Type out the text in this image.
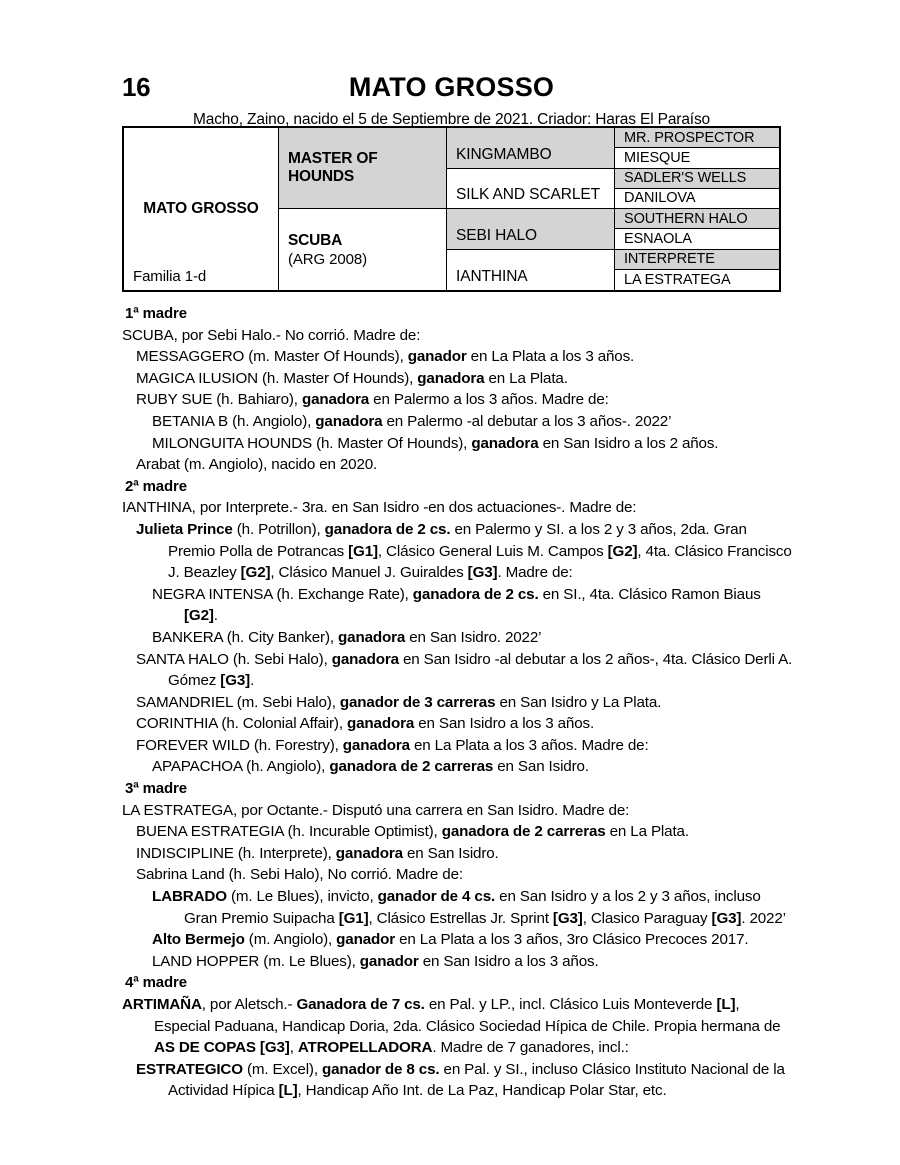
16	MATO GROSSO
Macho, Zaino, nacido el 5 de Septiembre de 2021. Criador: Haras El Paraíso
MATO GROSSO
Familia 1-d
MASTER OF HOUNDS
SCUBA
(ARG 2008)
KINGMAMBO
SILK AND SCARLET
SEBI HALO
IANTHINA
MR. PROSPECTOR
MIESQUE
SADLER'S WELLS
DANILOVA
SOUTHERN HALO
ESNAOLA
INTERPRETE
LA ESTRATEGA
1ª madre
SCUBA, por Sebi Halo.- No corrió. Madre de:
MESSAGGERO (m. Master Of Hounds), ganador en La Plata a los 3 años.
MAGICA ILUSION (h. Master Of Hounds), ganadora en La Plata.
RUBY SUE (h. Bahiaro), ganadora en Palermo a los 3 años. Madre de:
BETANIA B (h. Angiolo), ganadora en Palermo -al debutar a los 3 años-. 2022’
MILONGUITA HOUNDS (h. Master Of Hounds), ganadora en San Isidro a los 2 años.
Arabat (m. Angiolo), nacido en 2020.
2ª madre
IANTHINA, por Interprete.- 3ra. en San Isidro -en dos actuaciones-. Madre de:
Julieta Prince (h. Potrillon), ganadora de 2 cs. en Palermo y SI. a los 2 y 3 años, 2da. Gran Premio Polla de Potrancas [G1], Clásico General Luis M. Campos [G2], 4ta. Clásico Francisco J. Beazley [G2], Clásico Manuel J. Guiraldes [G3]. Madre de:
NEGRA INTENSA (h. Exchange Rate), ganadora de 2 cs. en SI., 4ta. Clásico Ramon Biaus [G2].
BANKERA (h. City Banker), ganadora en San Isidro. 2022’
SANTA HALO (h. Sebi Halo), ganadora en San Isidro -al debutar a los 2 años-, 4ta. Clásico Derli A. Gómez [G3].
SAMANDRIEL (m. Sebi Halo), ganador de 3 carreras en San Isidro y La Plata.
CORINTHIA (h. Colonial Affair), ganadora en San Isidro a los 3 años.
FOREVER WILD (h. Forestry), ganadora en La Plata a los 3 años. Madre de:
APAPACHOA (h. Angiolo), ganadora de 2 carreras en San Isidro.
3ª madre
LA ESTRATEGA, por Octante.- Disputó una carrera en San Isidro. Madre de:
BUENA ESTRATEGIA (h. Incurable Optimist), ganadora de 2 carreras en La Plata.
INDISCIPLINE (h. Interprete), ganadora en San Isidro.
Sabrina Land (h. Sebi Halo), No corrió. Madre de:
LABRADO (m. Le Blues), invicto, ganador de 4 cs. en San Isidro y a los 2 y 3 años, incluso Gran Premio Suipacha [G1], Clásico Estrellas Jr. Sprint [G3], Clasico Paraguay [G3]. 2022’
Alto Bermejo (m. Angiolo), ganador en La Plata a los 3 años, 3ro Clásico Precoces 2017.
LAND HOPPER (m. Le Blues), ganador en San Isidro a los 3 años.
4ª madre
ARTIMAÑA, por Aletsch.- Ganadora de 7 cs. en Pal. y LP., incl. Clásico Luis Monteverde [L], Especial Paduana, Handicap Doria, 2da. Clásico Sociedad Hípica de Chile. Propia hermana de AS DE COPAS [G3], ATROPELLADORA. Madre de 7 ganadores, incl.:
ESTRATEGICO (m. Excel), ganador de 8 cs. en Pal. y SI., incluso Clásico Instituto Nacional de la Actividad Hípica [L], Handicap Año Int. de La Paz, Handicap Polar Star, etc.
